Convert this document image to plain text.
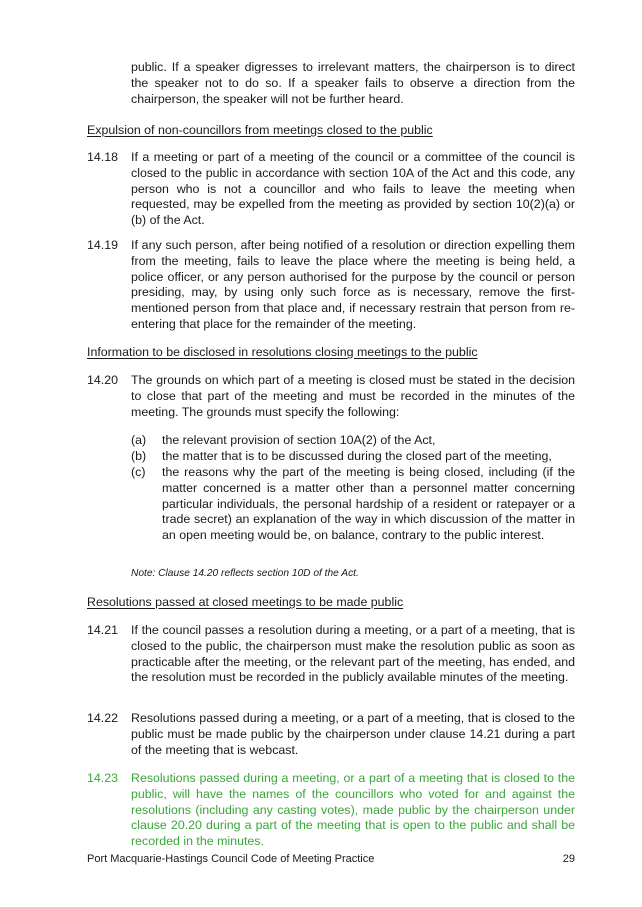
public. If a speaker digresses to irrelevant matters, the chairperson is to direct the speaker not to do so. If a speaker fails to observe a direction from the chairperson, the speaker will not be further heard.
Expulsion of non-councillors from meetings closed to the public
14.18	If a meeting or part of a meeting of the council or a committee of the council is closed to the public in accordance with section 10A of the Act and this code, any person who is not a councillor and who fails to leave the meeting when requested, may be expelled from the meeting as provided by section 10(2)(a) or (b) of the Act.
14.19	If any such person, after being notified of a resolution or direction expelling them from the meeting, fails to leave the place where the meeting is being held, a police officer, or any person authorised for the purpose by the council or person presiding, may, by using only such force as is necessary, remove the first-mentioned person from that place and, if necessary restrain that person from re-entering that place for the remainder of the meeting.
Information to be disclosed in resolutions closing meetings to the public
14.20	The grounds on which part of a meeting is closed must be stated in the decision to close that part of the meeting and must be recorded in the minutes of the meeting. The grounds must specify the following:
(a)	the relevant provision of section 10A(2) of the Act,
(b)	the matter that is to be discussed during the closed part of the meeting,
(c)	the reasons why the part of the meeting is being closed, including (if the matter concerned is a matter other than a personnel matter concerning particular individuals, the personal hardship of a resident or ratepayer or a trade secret) an explanation of the way in which discussion of the matter in an open meeting would be, on balance, contrary to the public interest.
Note: Clause 14.20 reflects section 10D of the Act.
Resolutions passed at closed meetings to be made public
14.21	If the council passes a resolution during a meeting, or a part of a meeting, that is closed to the public, the chairperson must make the resolution public as soon as practicable after the meeting, or the relevant part of the meeting, has ended, and the resolution must be recorded in the publicly available minutes of the meeting.
14.22	Resolutions passed during a meeting, or a part of a meeting, that is closed to the public must be made public by the chairperson under clause 14.21 during a part of the meeting that is webcast.
14.23	Resolutions passed during a meeting, or a part of a meeting that is closed to the public, will have the names of the councillors who voted for and against the resolutions (including any casting votes), made public by the chairperson under clause 20.20 during a part of the meeting that is open to the public and shall be recorded in the minutes.
Port Macquarie-Hastings Council Code of Meeting Practice	29
